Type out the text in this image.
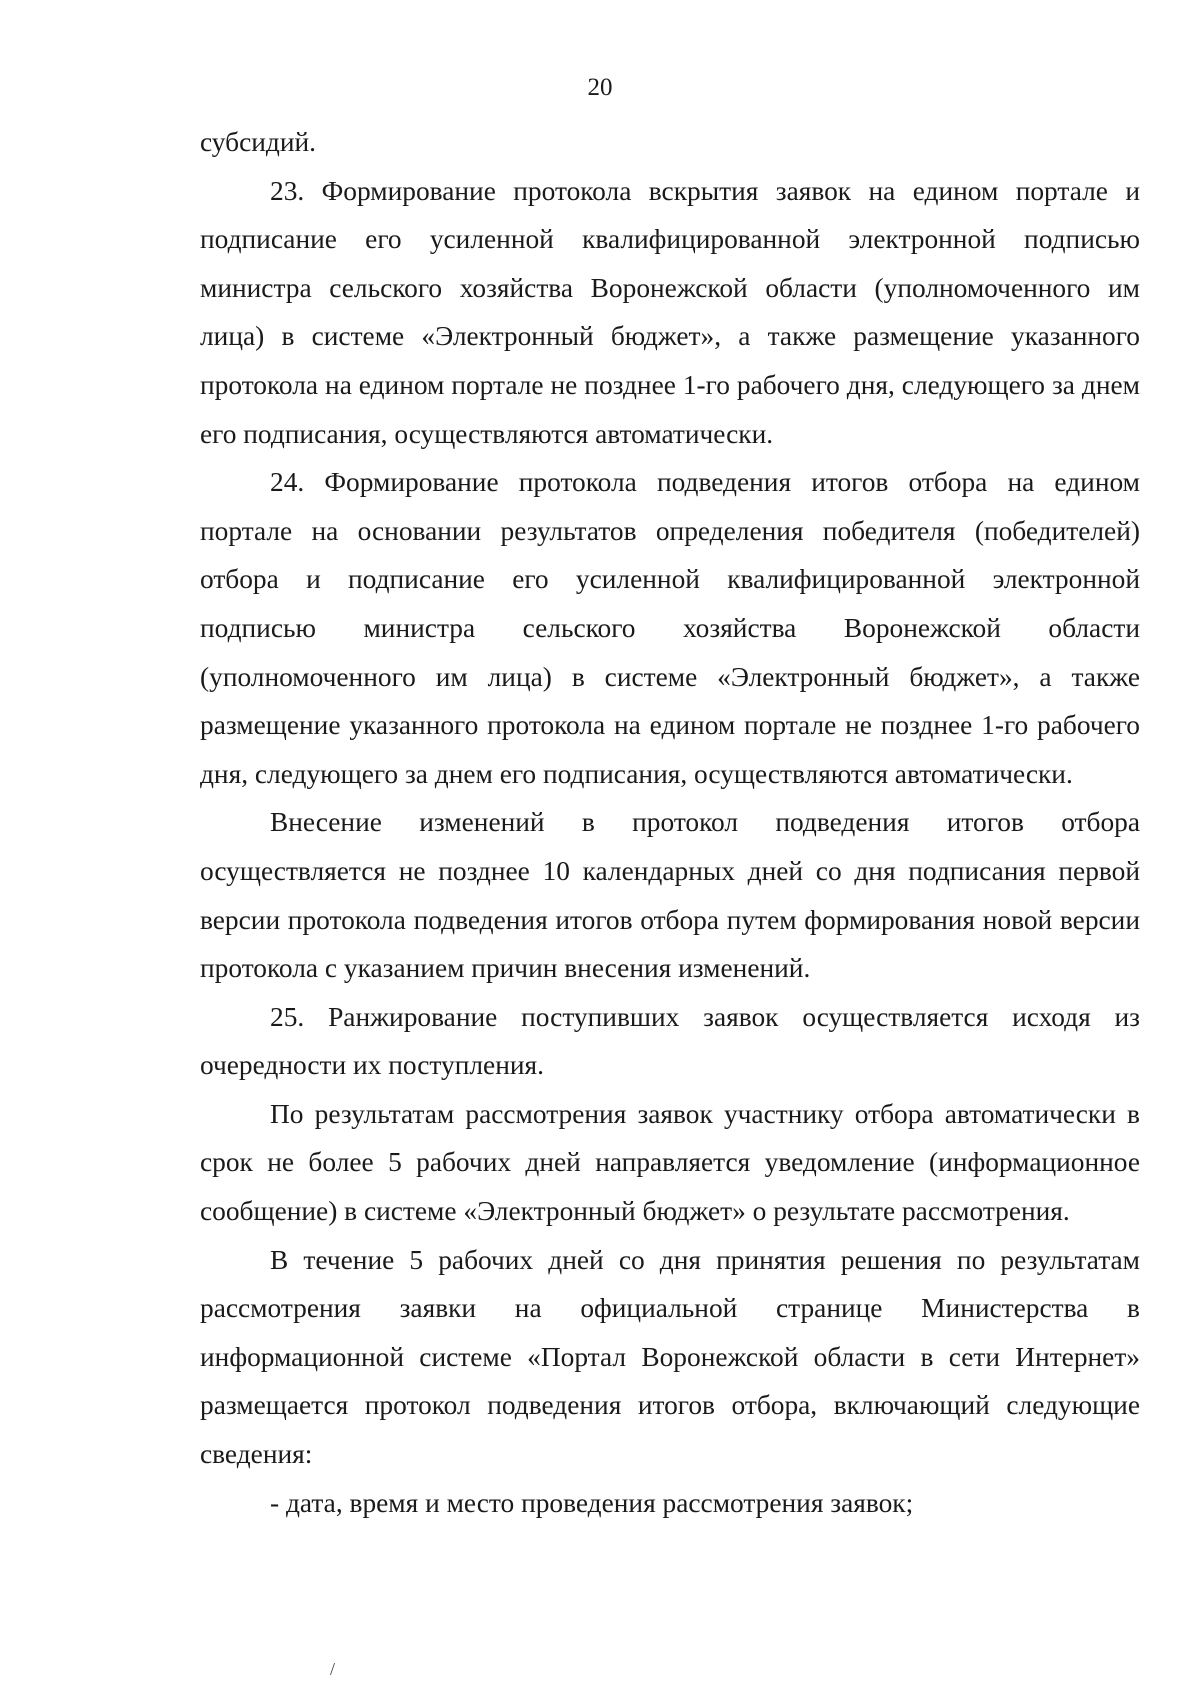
20

субсидий.

23. Формирование протокола вскрытия заявок на едином портале и подписание его усиленной квалифицированной электронной подписью министра сельского хозяйства Воронежской области (уполномоченного им лица) в системе «Электронный бюджет», а также размещение указанного протокола на едином портале не позднее 1-го рабочего дня, следующего за днем его подписания, осуществляются автоматически.

24. Формирование протокола подведения итогов отбора на едином портале на основании результатов определения победителя (победителей) отбора и подписание его усиленной квалифицированной электронной подписью министра сельского хозяйства Воронежской области (уполномоченного им лица) в системе «Электронный бюджет», а также размещение указанного протокола на едином портале не позднее 1-го рабочего дня, следующего за днем его подписания, осуществляются автоматически.

Внесение изменений в протокол подведения итогов отбора осуществляется не позднее 10 календарных дней со дня подписания первой версии протокола подведения итогов отбора путем формирования новой версии протокола с указанием причин внесения изменений.

25. Ранжирование поступивших заявок осуществляется исходя из очередности их поступления.

По результатам рассмотрения заявок участнику отбора автоматически в срок не более 5 рабочих дней направляется уведомление (информационное сообщение) в системе «Электронный бюджет» о результате рассмотрения.

В течение 5 рабочих дней со дня принятия решения по результатам рассмотрения заявки на официальной странице Министерства в информационной системе «Портал Воронежской области в сети Интернет» размещается протокол подведения итогов отбора, включающий следующие сведения:

- дата, время и место проведения рассмотрения заявок;

/
